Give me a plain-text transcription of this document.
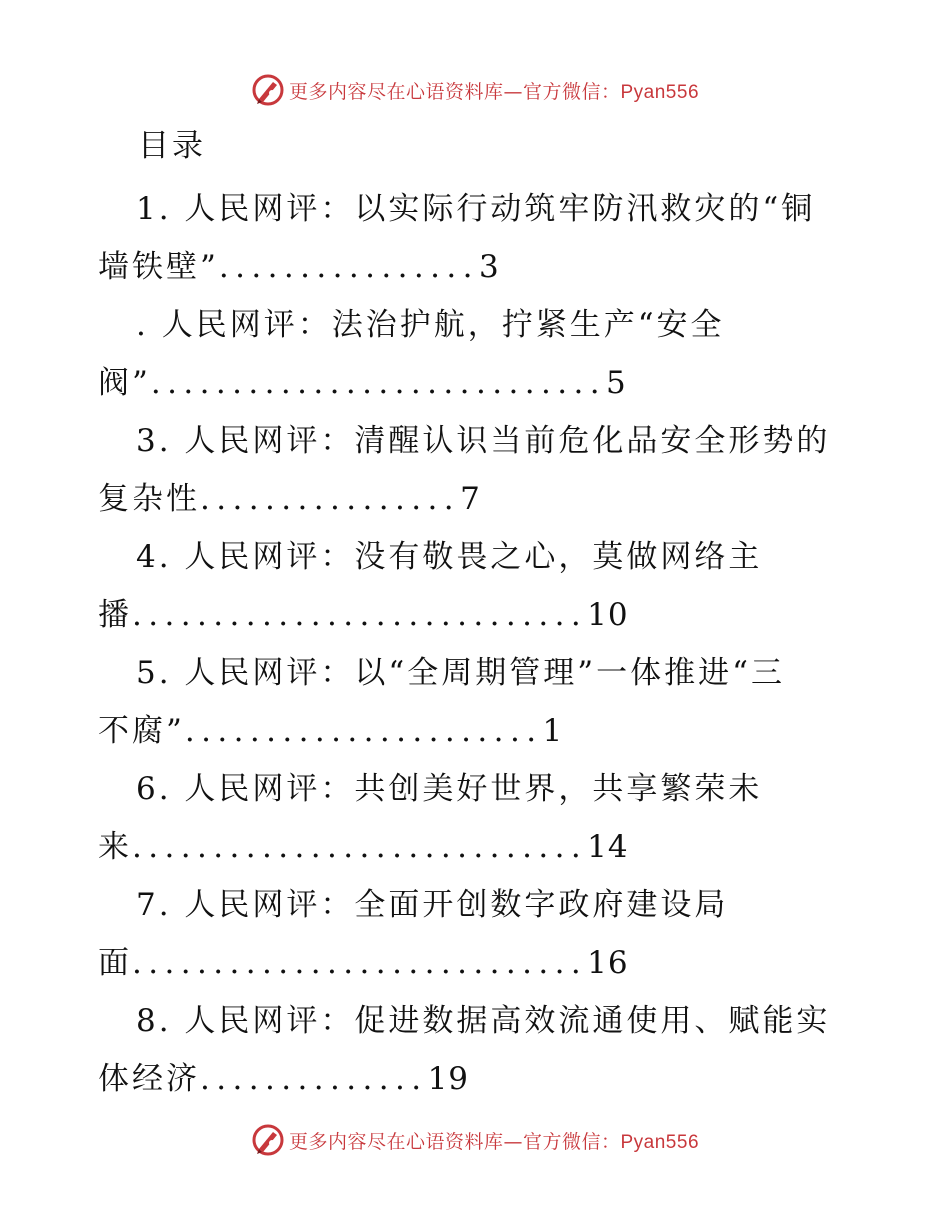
更多内容尽在心语资料库—官方微信：Pyan556
目录
1. 人民网评：以实际行动筑牢防汛救灾的“铜
墙铁壁”................3
. 人民网评：法治护航，拧紧生产“安全
阀”............................5
3. 人民网评：清醒认识当前危化品安全形势的
复杂性................7
4. 人民网评：没有敬畏之心，莫做网络主
播............................10
5. 人民网评：以“全周期管理”一体推进“三
不腐”......................1
6. 人民网评：共创美好世界，共享繁荣未
来............................14
7. 人民网评：全面开创数字政府建设局
面............................16
8. 人民网评：促进数据高效流通使用、赋能实
体经济..............19
更多内容尽在心语资料库—官方微信：Pyan556
